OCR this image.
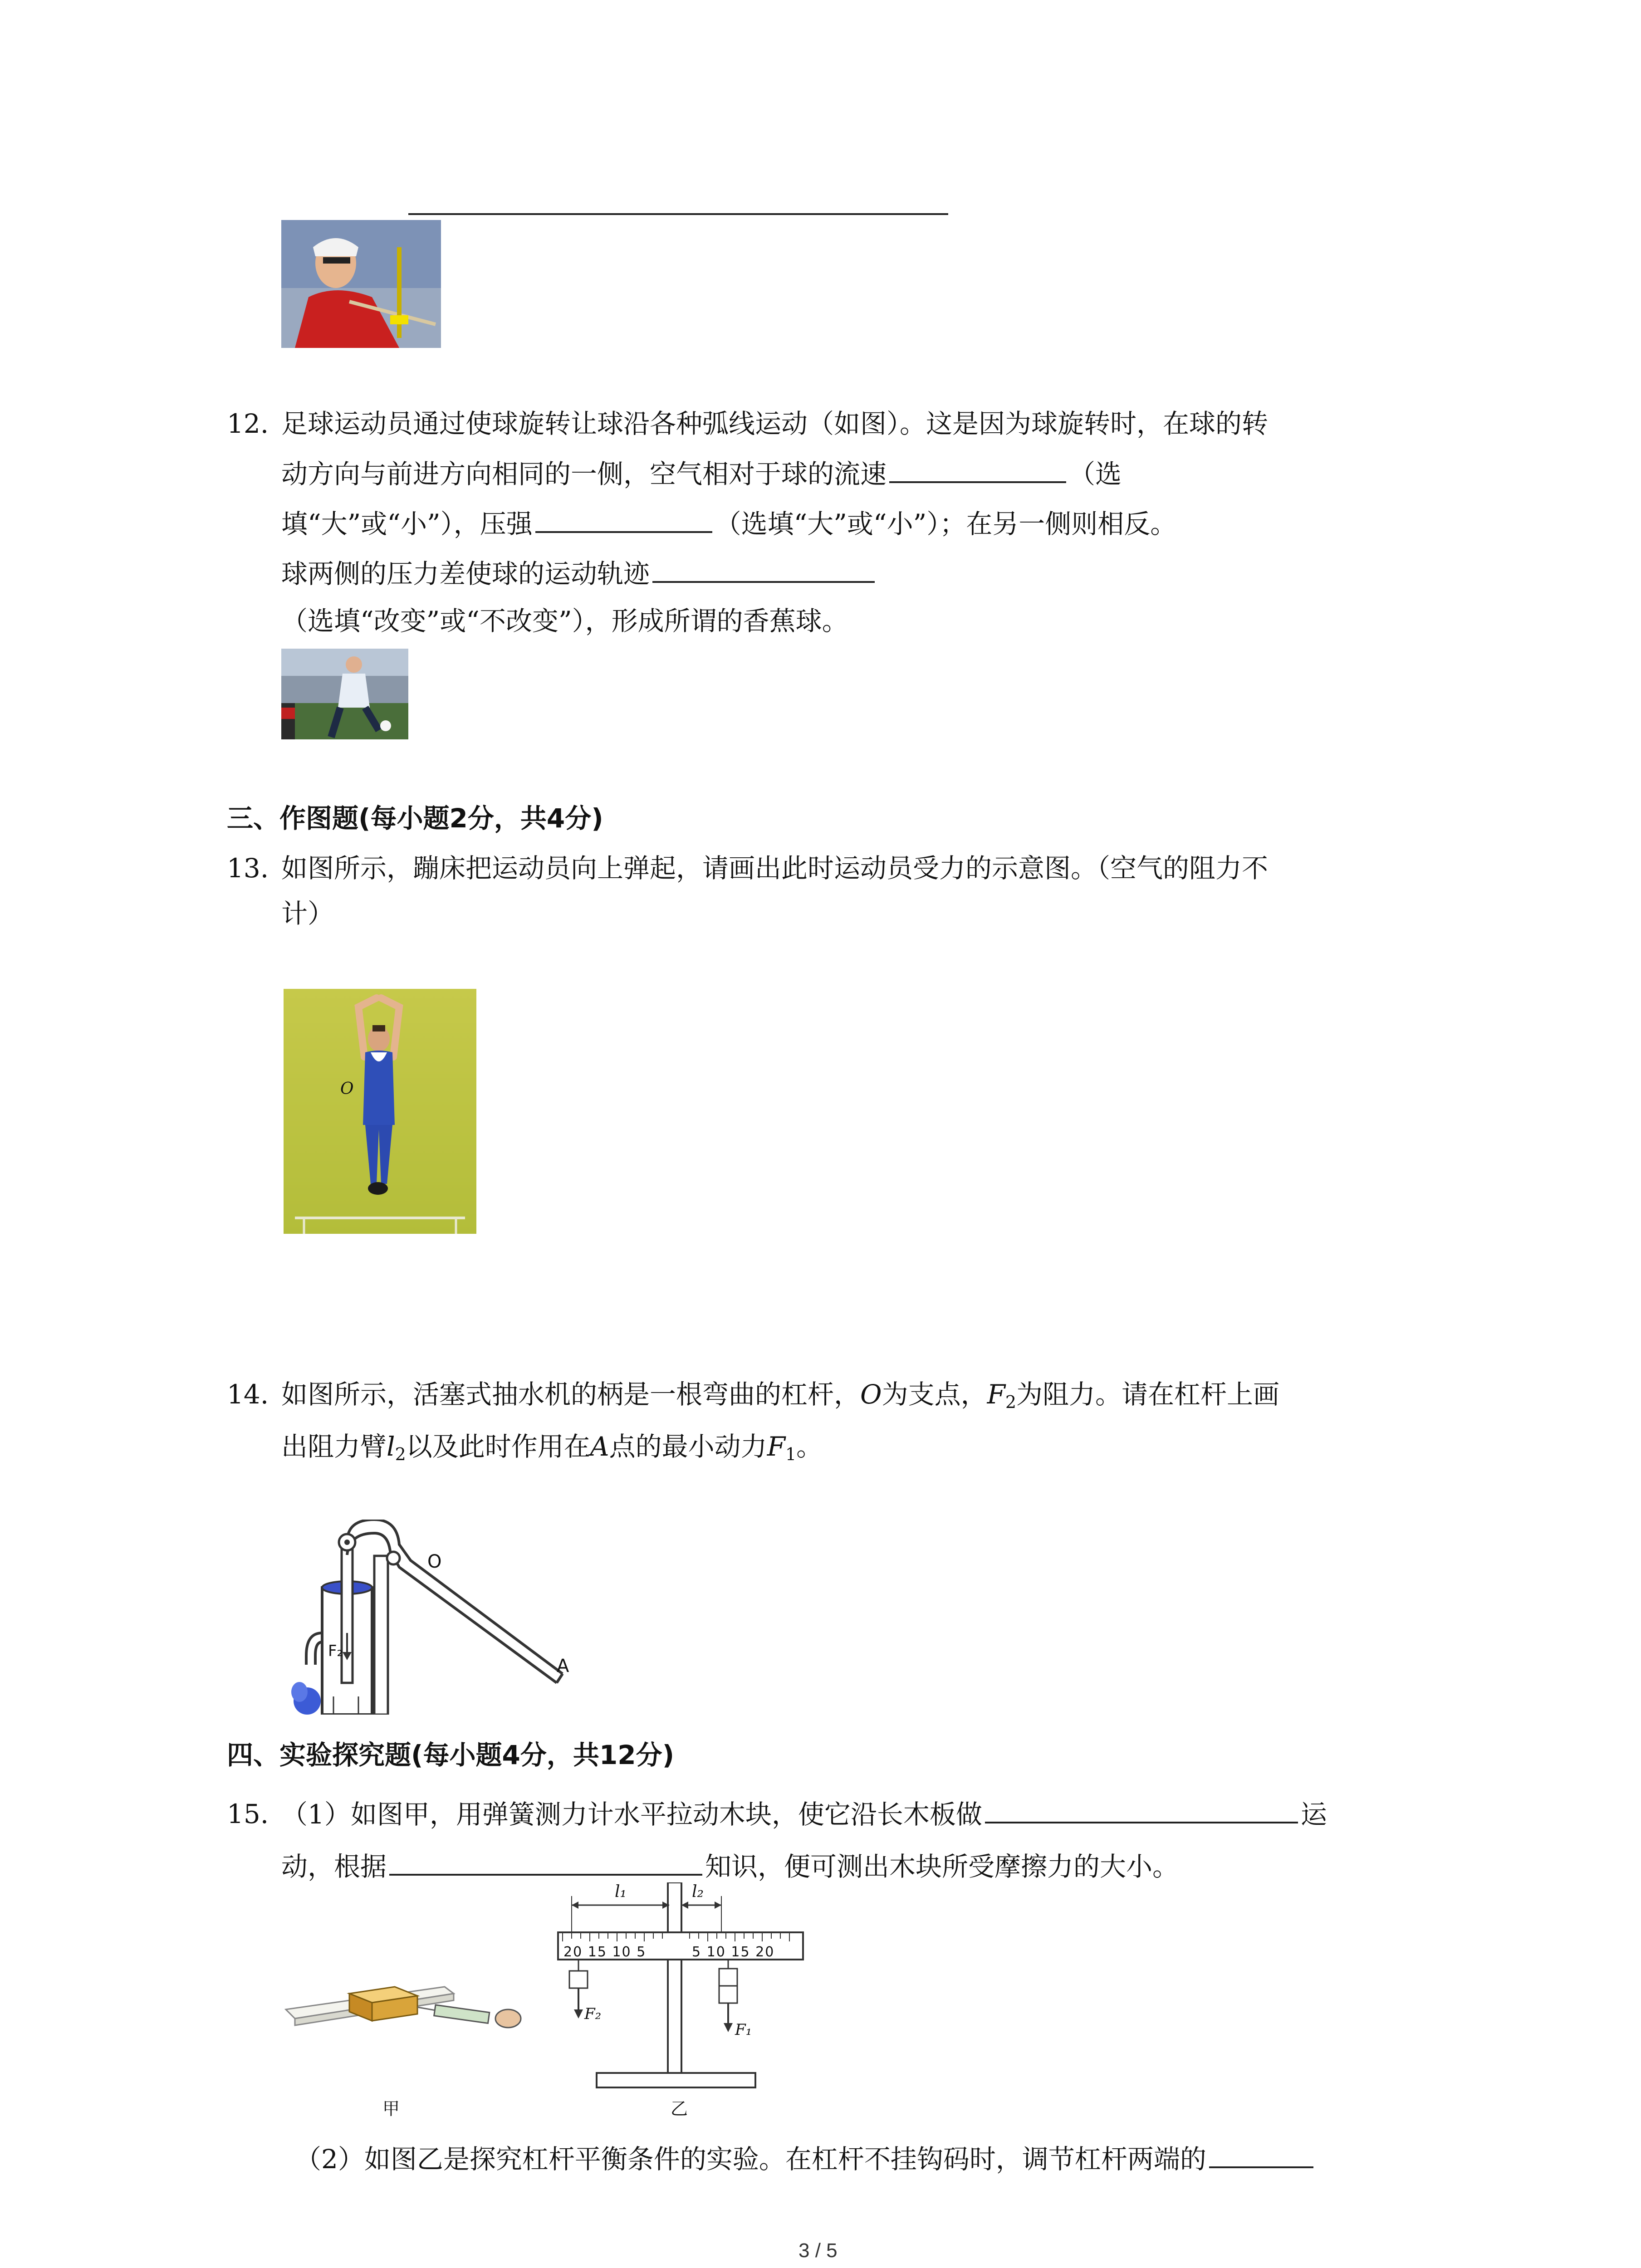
12. 足球运动员通过使球旋转让球沿各种弧线运动（如图）。这是因为球旋转时，在球的转
动方向与前进方向相同的一侧，空气相对于球的流速	（选
填“大”或“小”），压强	（选填“大”或“小”）；在另一侧则相反。
球两侧的压力差使球的运动轨迹
（选填“改变”或“不改变”），形成所谓的香蕉球。
三、作图题(每小题2分，共4分)
13. 如图所示，蹦床把运动员向上弹起，请画出此时运动员受力的示意图。（空气的阻力不
计）
O
14. 如图所示，活塞式抽水机的柄是一根弯曲的杠杆，O为支点，$F_2$为阻力。请在杠杆上画
出阻力臂$l_2$以及此时作用在A点的最小动力$F_1$。
O
A
F₂
四、实验探究题(每小题4分，共12分)
15. （1）如图甲，用弹簧测力计水平拉动木块，使它沿长木板做	运
动，根据	知识，便可测出木块所受摩擦力的大小。
甲
20 15 10 5	5 10 15 20
l₁	l₂
F₂
F₁
乙
（2）如图乙是探究杠杆平衡条件的实验。在杠杆不挂钩码时，调节杠杆两端的
3 / 5
